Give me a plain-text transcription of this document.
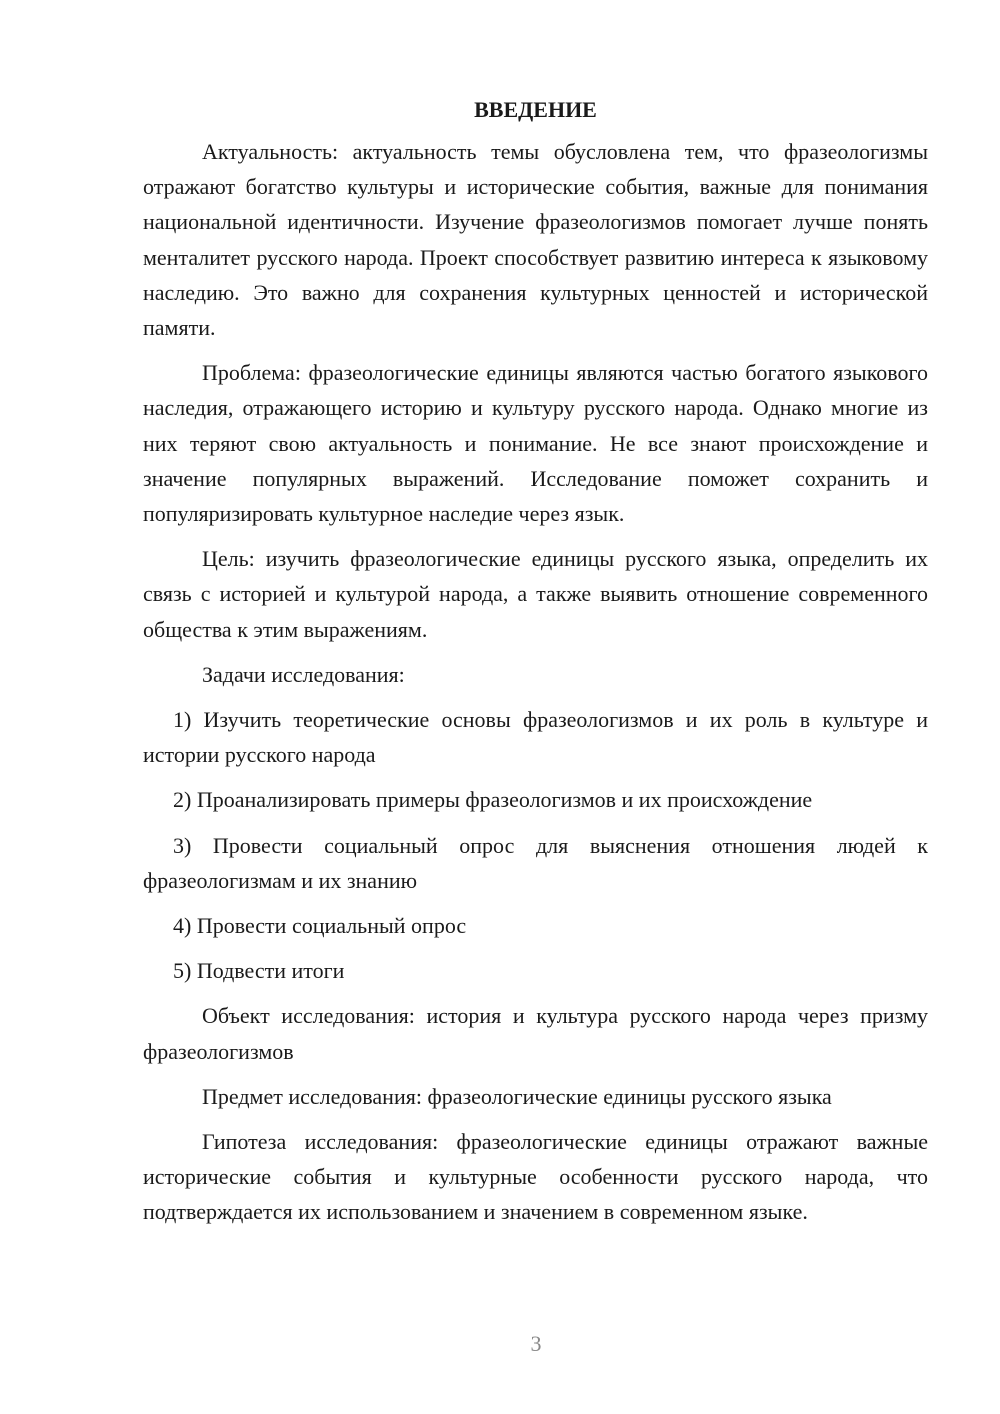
ВВЕДЕНИЕ

Актуальность: актуальность темы обусловлена тем, что фразеологизмы отражают богатство культуры и исторические события, важные для понимания национальной идентичности. Изучение фразеологизмов помогает лучше понять менталитет русского народа. Проект способствует развитию интереса к языковому наследию. Это важно для сохранения культурных ценностей и исторической памяти.

Проблема: фразеологические единицы являются частью богатого языкового наследия, отражающего историю и культуру русского народа. Однако многие из них теряют свою актуальность и понимание. Не все знают происхождение и значение популярных выражений. Исследование поможет сохранить и популяризировать культурное наследие через язык.

Цель: изучить фразеологические единицы русского языка, определить их связь с историей и культурой народа, а также выявить отношение современного общества к этим выражениям.

Задачи исследования:

1) Изучить теоретические основы фразеологизмов и их роль в культуре и истории русского народа

2) Проанализировать примеры фразеологизмов и их происхождение

3) Провести социальный опрос для выяснения отношения людей к фразеологизмам и их знанию

4) Провести социальный опрос

5) Подвести итоги

Объект исследования: история и культура русского народа через призму фразеологизмов

Предмет исследования: фразеологические единицы русского языка

Гипотеза исследования: фразеологические единицы отражают важные исторические события и культурные особенности русского народа, что подтверждается их использованием и значением в современном языке.

3
